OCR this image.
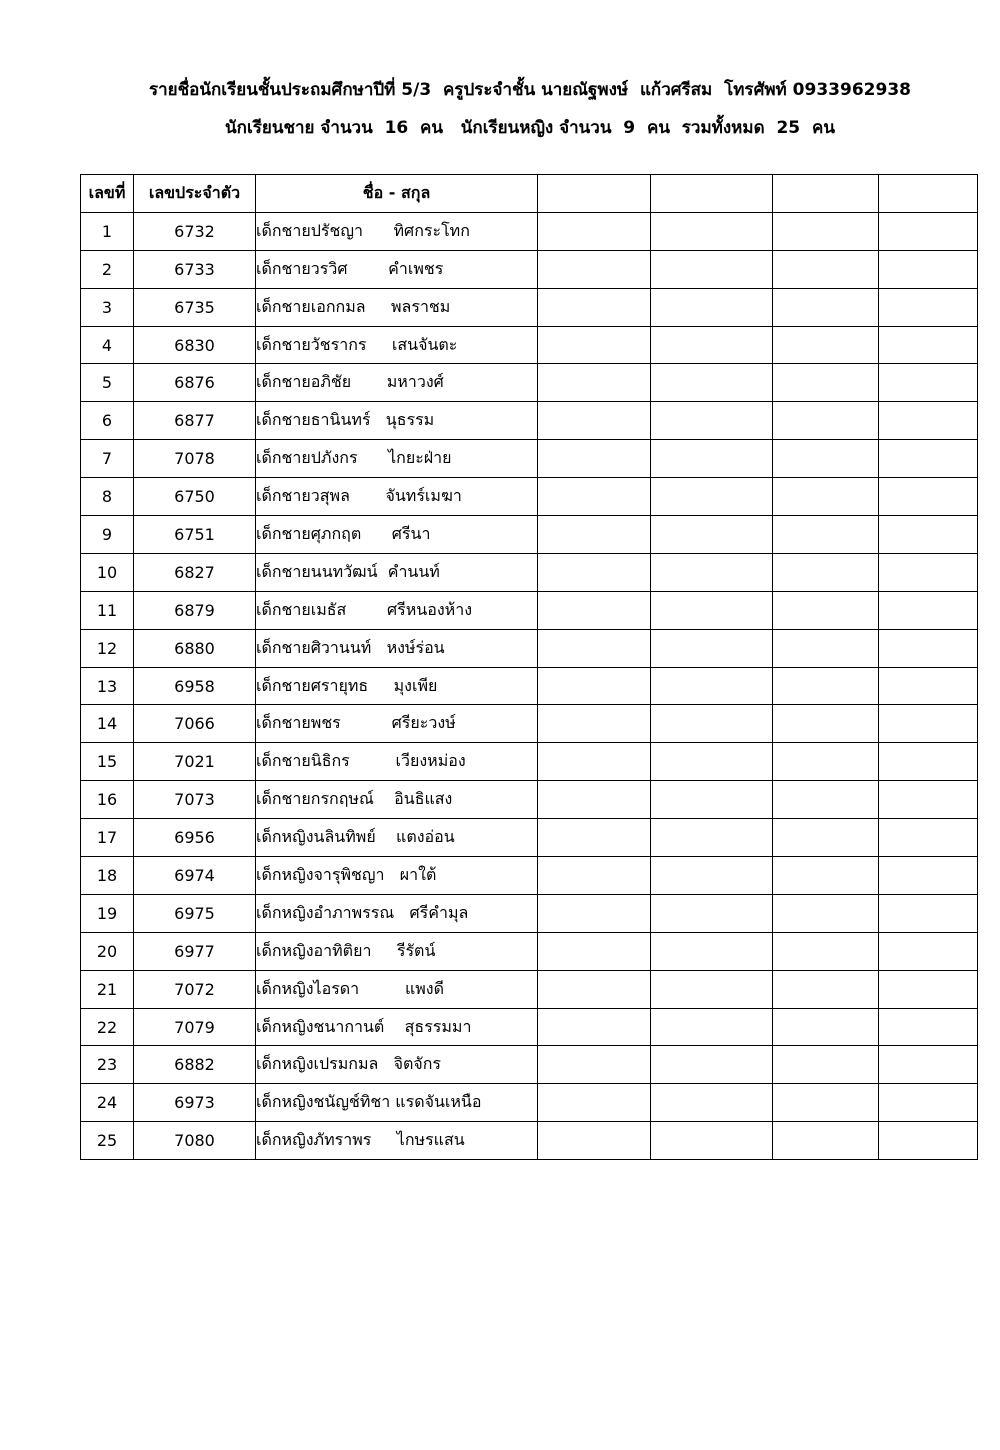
รายชื่อนักเรียนชั้นประถมศึกษาปีที่ 5/3  ครูประจำชั้น นายณัฐพงษ์  แก้วศรีสม  โทรศัพท์ 0933962938
นักเรียนชาย จำนวน  16  คน   นักเรียนหญิง จำนวน  9  คน  รวมทั้งหมด  25  คน
เลขที่	เลขประจำตัว	ชื่อ - สกุล				
1	6732	เด็กชายปรัชญา      ทิศกระโทก				
2	6733	เด็กชายวรวิศ        คำเพชร				
3	6735	เด็กชายเอกกมล     พลราชม				
4	6830	เด็กชายวัชรากร     เสนจันตะ				
5	6876	เด็กชายอภิชัย       มหาวงศ์				
6	6877	เด็กชายธานินทร์   นุธรรม				
7	7078	เด็กชายปภังกร      ไกยะฝ่าย				
8	6750	เด็กชายวสุพล       จันทร์เมฆา				
9	6751	เด็กชายศุภกฤต      ศรีนา				
10	6827	เด็กชายนนทวัฒน์  คำนนท์				
11	6879	เด็กชายเมธัส        ศรีหนองห้าง				
12	6880	เด็กชายศิวานนท์   หงษ์ร่อน				
13	6958	เด็กชายศรายุทธ     มุงเพีย				
14	7066	เด็กชายพชร          ศรียะวงษ์				
15	7021	เด็กชายนิธิกร         เวียงหม่อง				
16	7073	เด็กชายกรกฤษณ์    อินธิแสง				
17	6956	เด็กหญิงนลินทิพย์    แตงอ่อน				
18	6974	เด็กหญิงจารุพิชญา   ผาใต้				
19	6975	เด็กหญิงอำภาพรรณ   ศรีคำมุล				
20	6977	เด็กหญิงอาทิติยา     รีรัตน์				
21	7072	เด็กหญิงไอรดา         แพงดี				
22	7079	เด็กหญิงชนากานต์    สุธรรมมา				
23	6882	เด็กหญิงเปรมกมล   จิตจักร				
24	6973	เด็กหญิงชนัญช์ทิชา แรดจันเหนือ				
25	7080	เด็กหญิงภัทราพร     ไกษรแสน				
